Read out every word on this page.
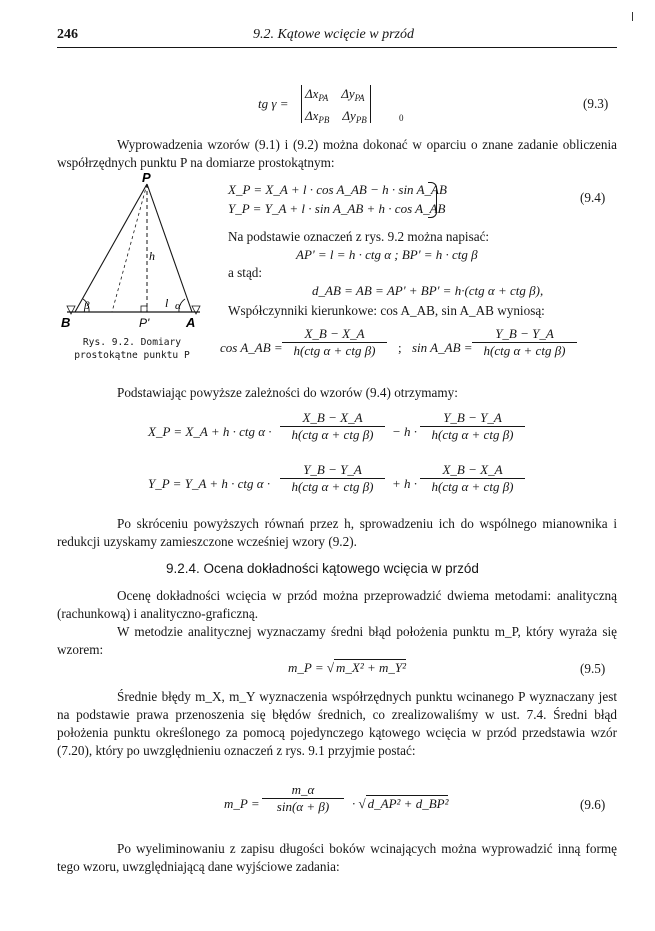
246	9.2. Kątowe wcięcie w przód
tg γ =
$\Delta x_{PA}$ $\Delta y_{PA}$
$\Delta x_{PB}$ $\Delta y_{PB}$	0
(9.3)
Wyprowadzenia wzorów (9.1) i (9.2) można dokonać w oparciu o znane zadanie obliczenia współrzędnych punktu P na domiarze prostokątnym:
P
h
l
β	α
B	P'	A
Rys. 9.2. Domiary
prostokątne punktu P
X_P = X_A + l · cos A_AB − h · sin A_AB
Y_P = Y_A + l · sin A_AB + h · cos A_AB
(9.4)
Na podstawie oznaczeń z rys. 9.2 można napisać:
AP' = l = h · ctg α ; BP' = h · ctg β
a stąd:
d_AB = AB = AP' + BP' = h·(ctg α + ctg β),
Współczynniki kierunkowe: cos A_AB, sin A_AB wyniosą:
cos A_AB =
X_B − X_A
h(ctg α + ctg β)	; sin A_AB =
Y_B − Y_A
h(ctg α + ctg β)
Podstawiając powyższe zależności do wzorów (9.4) otrzymamy:
X_P = X_A + h · ctg α ·
X_B − X_A
h(ctg α + ctg β)	− h ·
Y_B − Y_A
h(ctg α + ctg β)
Y_P = Y_A + h · ctg α ·
Y_B − Y_A
h(ctg α + ctg β)	+ h ·
X_B − X_A
h(ctg α + ctg β)
Po skróceniu powyższych równań przez h, sprowadzeniu ich do wspólnego mianownika i redukcji uzyskamy zamieszczone wcześniej wzory (9.2).
9.2.4. Ocena dokładności kątowego wcięcia w przód
Ocenę dokładności wcięcia w przód można przeprowadzić dwiema metodami: analityczną (rachunkową) i analityczno-graficzną.
W metodzie analitycznej wyznaczamy średni błąd położenia punktu m_P, który wyraża się wzorem:
m_P = √ m_X² + m_Y²	(9.5)
Średnie błędy m_X, m_Y wyznaczenia współrzędnych punktu wcinanego P wyznaczany jest na podstawie prawa przenoszenia się błędów średnich, co zrealizowaliśmy w ust. 7.4. Średni błąd położenia punktu określonego za pomocą pojedynczego kątowego wcięcia w przód przedstawia wzór (7.20), który po uwzględnieniu oznaczeń z rys. 9.1 przyjmie postać:
m_P = $\frac{m\_\alpha}{\sin(\alpha + \beta)}$ · √ d_AP² + d_BP²	(9.6)
Po wyeliminowaniu z zapisu długości boków wcinających można wyprowadzić inną formę tego wzoru, uwzględniającą dane wyjściowe zadania:
